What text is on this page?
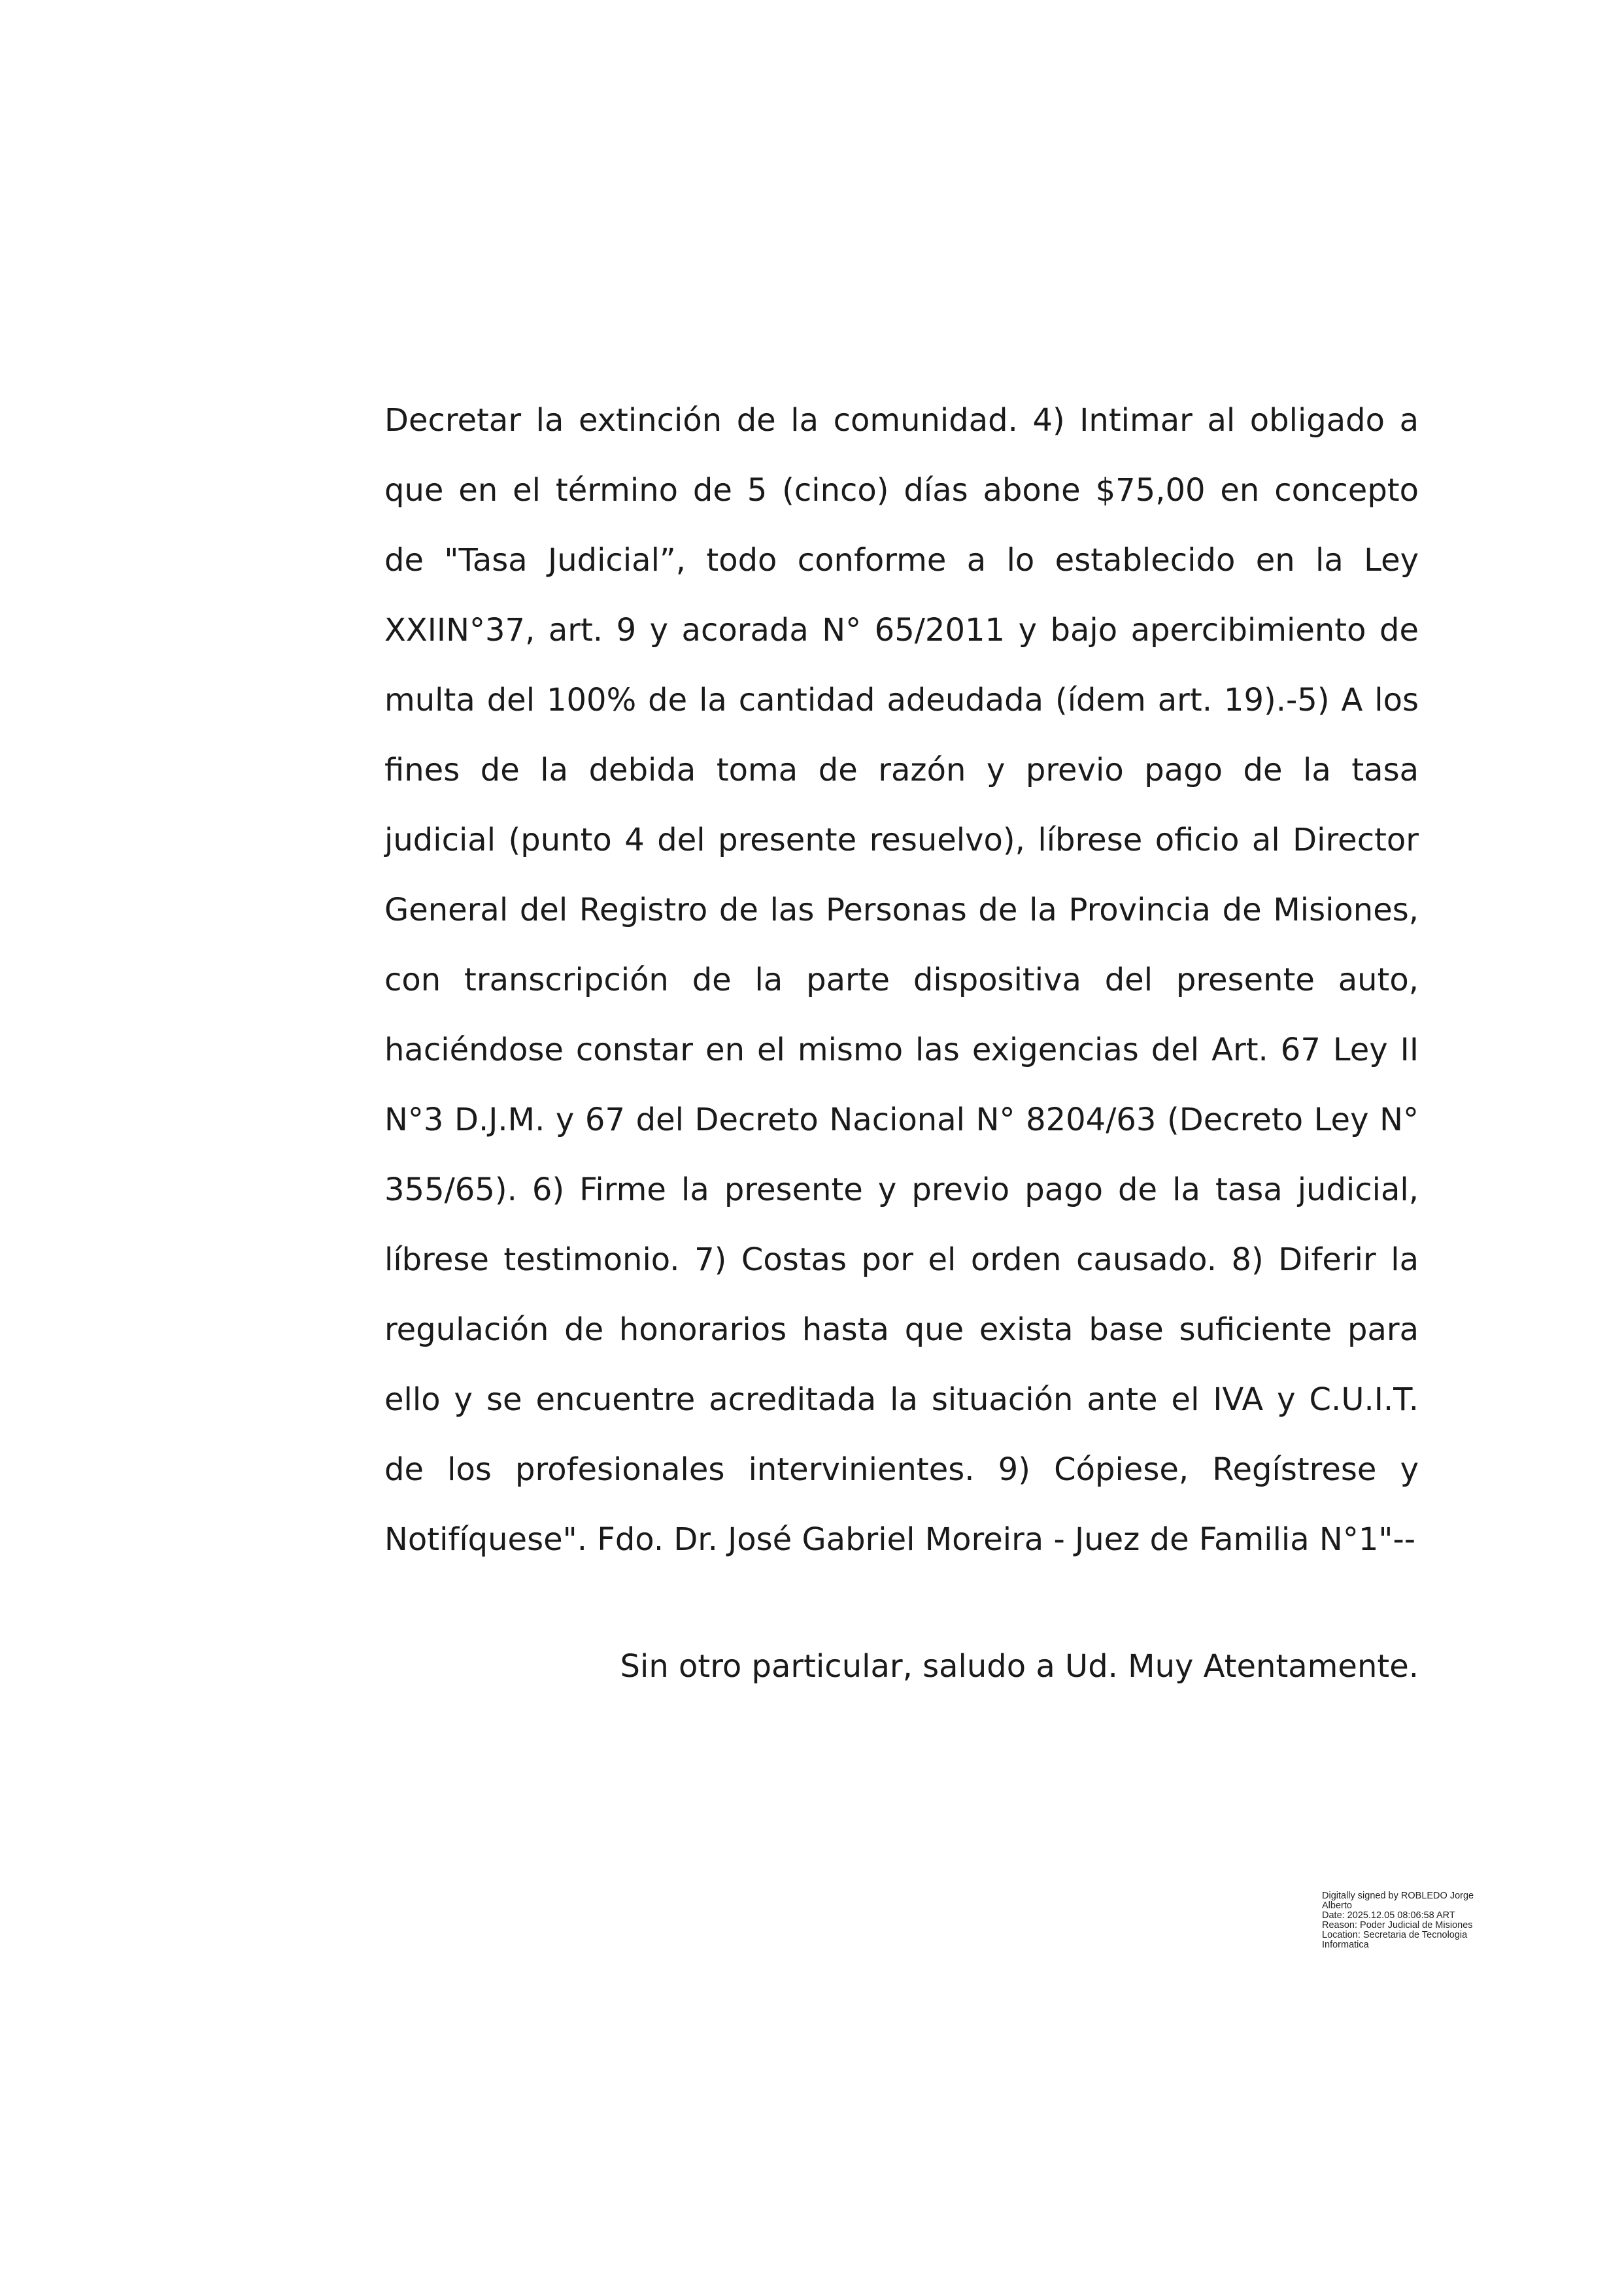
Decretar la extinción de la comunidad. 4) Intimar al obligado a
que en el término de 5 (cinco) días abone $75,00 en concepto
de "Tasa Judicial”, todo conforme a lo establecido en la Ley
XXIIN°37, art. 9 y acorada N° 65/2011 y bajo apercibimiento de
multa del 100% de la cantidad adeudada (ídem art. 19).-5) A los
fines de la debida toma de razón y previo pago de la tasa
judicial (punto 4 del presente resuelvo), líbrese oficio al Director
General del Registro de las Personas de la Provincia de Misiones,
con transcripción de la parte dispositiva del presente auto,
haciéndose constar en el mismo las exigencias del Art. 67 Ley II
N°3 D.J.M. y 67 del Decreto Nacional N° 8204/63 (Decreto Ley N°
355/65). 6) Firme la presente y previo pago de la tasa judicial,
líbrese testimonio. 7) Costas por el orden causado. 8) Diferir la
regulación de honorarios hasta que exista base suficiente para
ello y se encuentre acreditada la situación ante el IVA y C.U.I.T.
de los profesionales intervinientes. 9) Cópiese, Regístrese y
Notifíquese". Fdo. Dr. José Gabriel Moreira - Juez de Familia N°1"--
Sin otro particular, saludo a Ud. Muy Atentamente.
Digitally signed by ROBLEDO Jorge
Alberto
Date: 2025.12.05 08:06:58 ART
Reason: Poder Judicial de Misiones
Location: Secretaria de Tecnologia
Informatica
